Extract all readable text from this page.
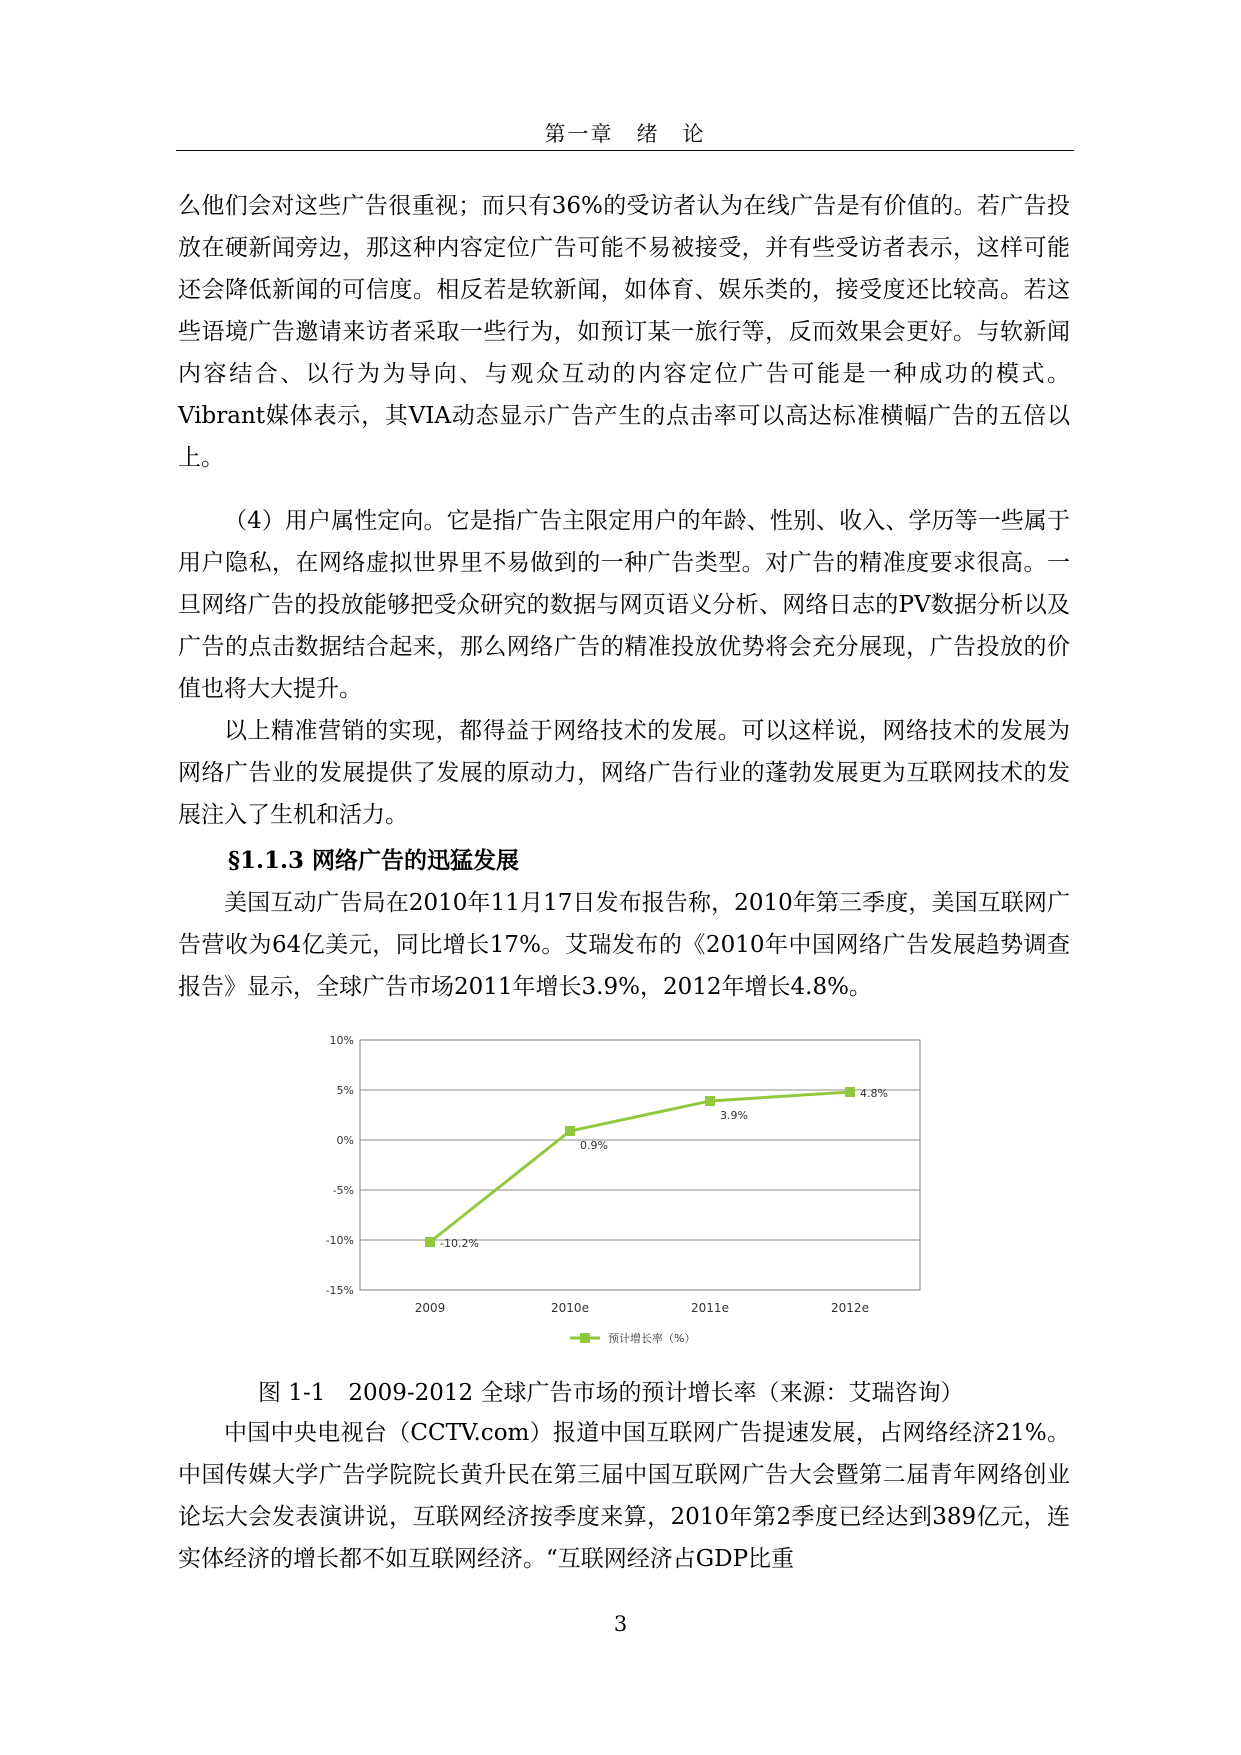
第一章　绪　论

么他们会对这些广告很重视；而只有36%的受访者认为在线广告是有价值的。若广告投放在硬新闻旁边，那这种内容定位广告可能不易被接受，并有些受访者表示，这样可能还会降低新闻的可信度。相反若是软新闻，如体育、娱乐类的，接受度还比较高。若这些语境广告邀请来访者采取一些行为，如预订某一旅行等，反而效果会更好。与软新闻内容结合、以行为为导向、与观众互动的内容定位广告可能是一种成功的模式。Vibrant媒体表示，其VIA动态显示广告产生的点击率可以高达标准横幅广告的五倍以上。

（4）用户属性定向。它是指广告主限定用户的年龄、性别、收入、学历等一些属于用户隐私，在网络虚拟世界里不易做到的一种广告类型。对广告的精准度要求很高。一旦网络广告的投放能够把受众研究的数据与网页语义分析、网络日志的PV数据分析以及广告的点击数据结合起来，那么网络广告的精准投放优势将会充分展现，广告投放的价值也将大大提升。

以上精准营销的实现，都得益于网络技术的发展。可以这样说，网络技术的发展为网络广告业的发展提供了发展的原动力，网络广告行业的蓬勃发展更为互联网技术的发展注入了生机和活力。

§1.1.3 网络广告的迅猛发展

美国互动广告局在2010年11月17日发布报告称，2010年第三季度，美国互联网广告营收为64亿美元，同比增长17%。艾瑞发布的《2010年中国网络广告发展趋势调查报告》显示，全球广告市场2011年增长3.9%，2012年增长4.8%。

10%
5%
0%
-5%
-10%
-15%
2009	2010e	2011e	2012e
-10.2%
0.9%
3.9%
4.8%
预计增长率（%）

图 1-1　2009-2012 全球广告市场的预计增长率（来源：艾瑞咨询）

中国中央电视台（CCTV.com）报道中国互联网广告提速发展，占网络经济21%。中国传媒大学广告学院院长黄升民在第三届中国互联网广告大会暨第二届青年网络创业论坛大会发表演讲说，互联网经济按季度来算，2010年第2季度已经达到389亿元，连实体经济的增长都不如互联网经济。“互联网经济占GDP比重

3
